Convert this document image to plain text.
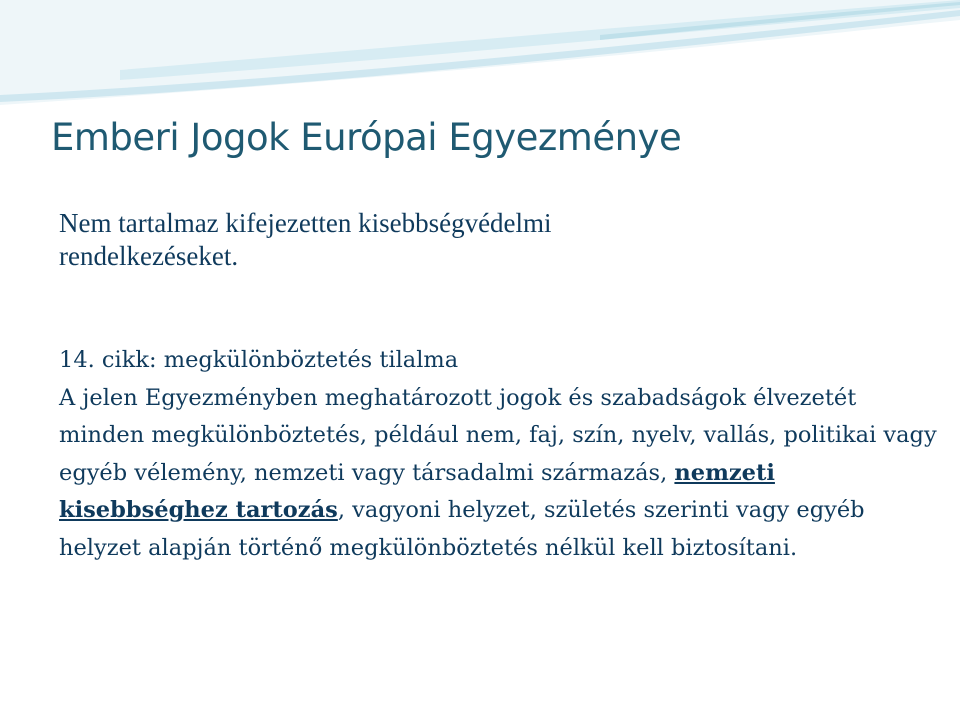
Emberi Jogok Európai Egyezménye

Nem tartalmaz kifejezetten kisebbségvédelmi
rendelkezéseket.

14. cikk: megkülönböztetés tilalma

A jelen Egyezményben meghatározott jogok és szabadságok élvezetét minden megkülönböztetés, például nem, faj, szín, nyelv, vallás, politikai vagy egyéb vélemény, nemzeti vagy társadalmi származás, nemzeti kisebbséghez tartozás, vagyoni helyzet, születés szerinti vagy egyéb helyzet alapján történő megkülönböztetés nélkül kell biztosítani.
